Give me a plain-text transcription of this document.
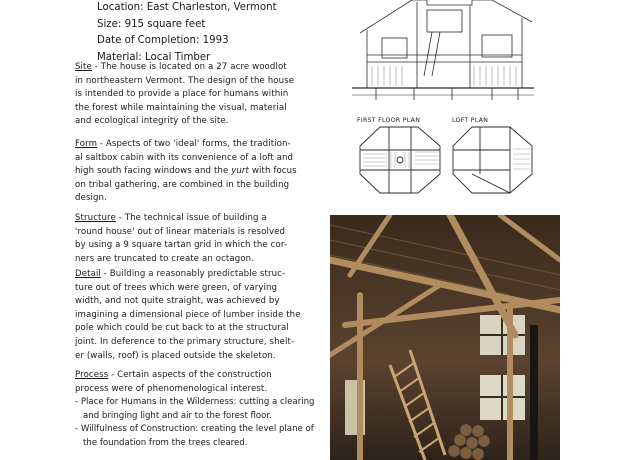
Location: East Charleston, Vermont
Size: 915 square feet
Date of Completion: 1993
Material: Local Timber
Site - The house is located on a 27 acre woodlot
in northeastern Vermont. The design of the house
is intended to provide a place for humans within
the forest while maintaining the visual, material
and ecological integrity of the site.
Form - Aspects of two 'ideal' forms, the tradition-
al saltbox cabin with its convenience of a loft and
high south facing windows and the yurt with focus
on tribal gathering, are combined in the building
design.
Structure - The technical issue of building a
'round house' out of linear materials is resolved
by using a 9 square tartan grid in which the cor-
ners are truncated to create an octagon.
Detail - Building a reasonably predictable struc-
ture out of trees which were green, of varying
width, and not quite straight, was achieved by
imagining a dimensional piece of lumber inside the
pole which could be cut back to at the structural
joint. In deference to the primary structure, shelt-
er (walls, roof) is placed outside the skeleton.
Process - Certain aspects of the construction
process were of phenomenological interest.
- Place for Humans in the Wilderness: cutting a clearing and bringing light and air to the forest floor.
- Willfulness of Construction: creating the level plane of the foundation from the trees cleared.
FIRST FLOOR PLAN	LOFT PLAN
